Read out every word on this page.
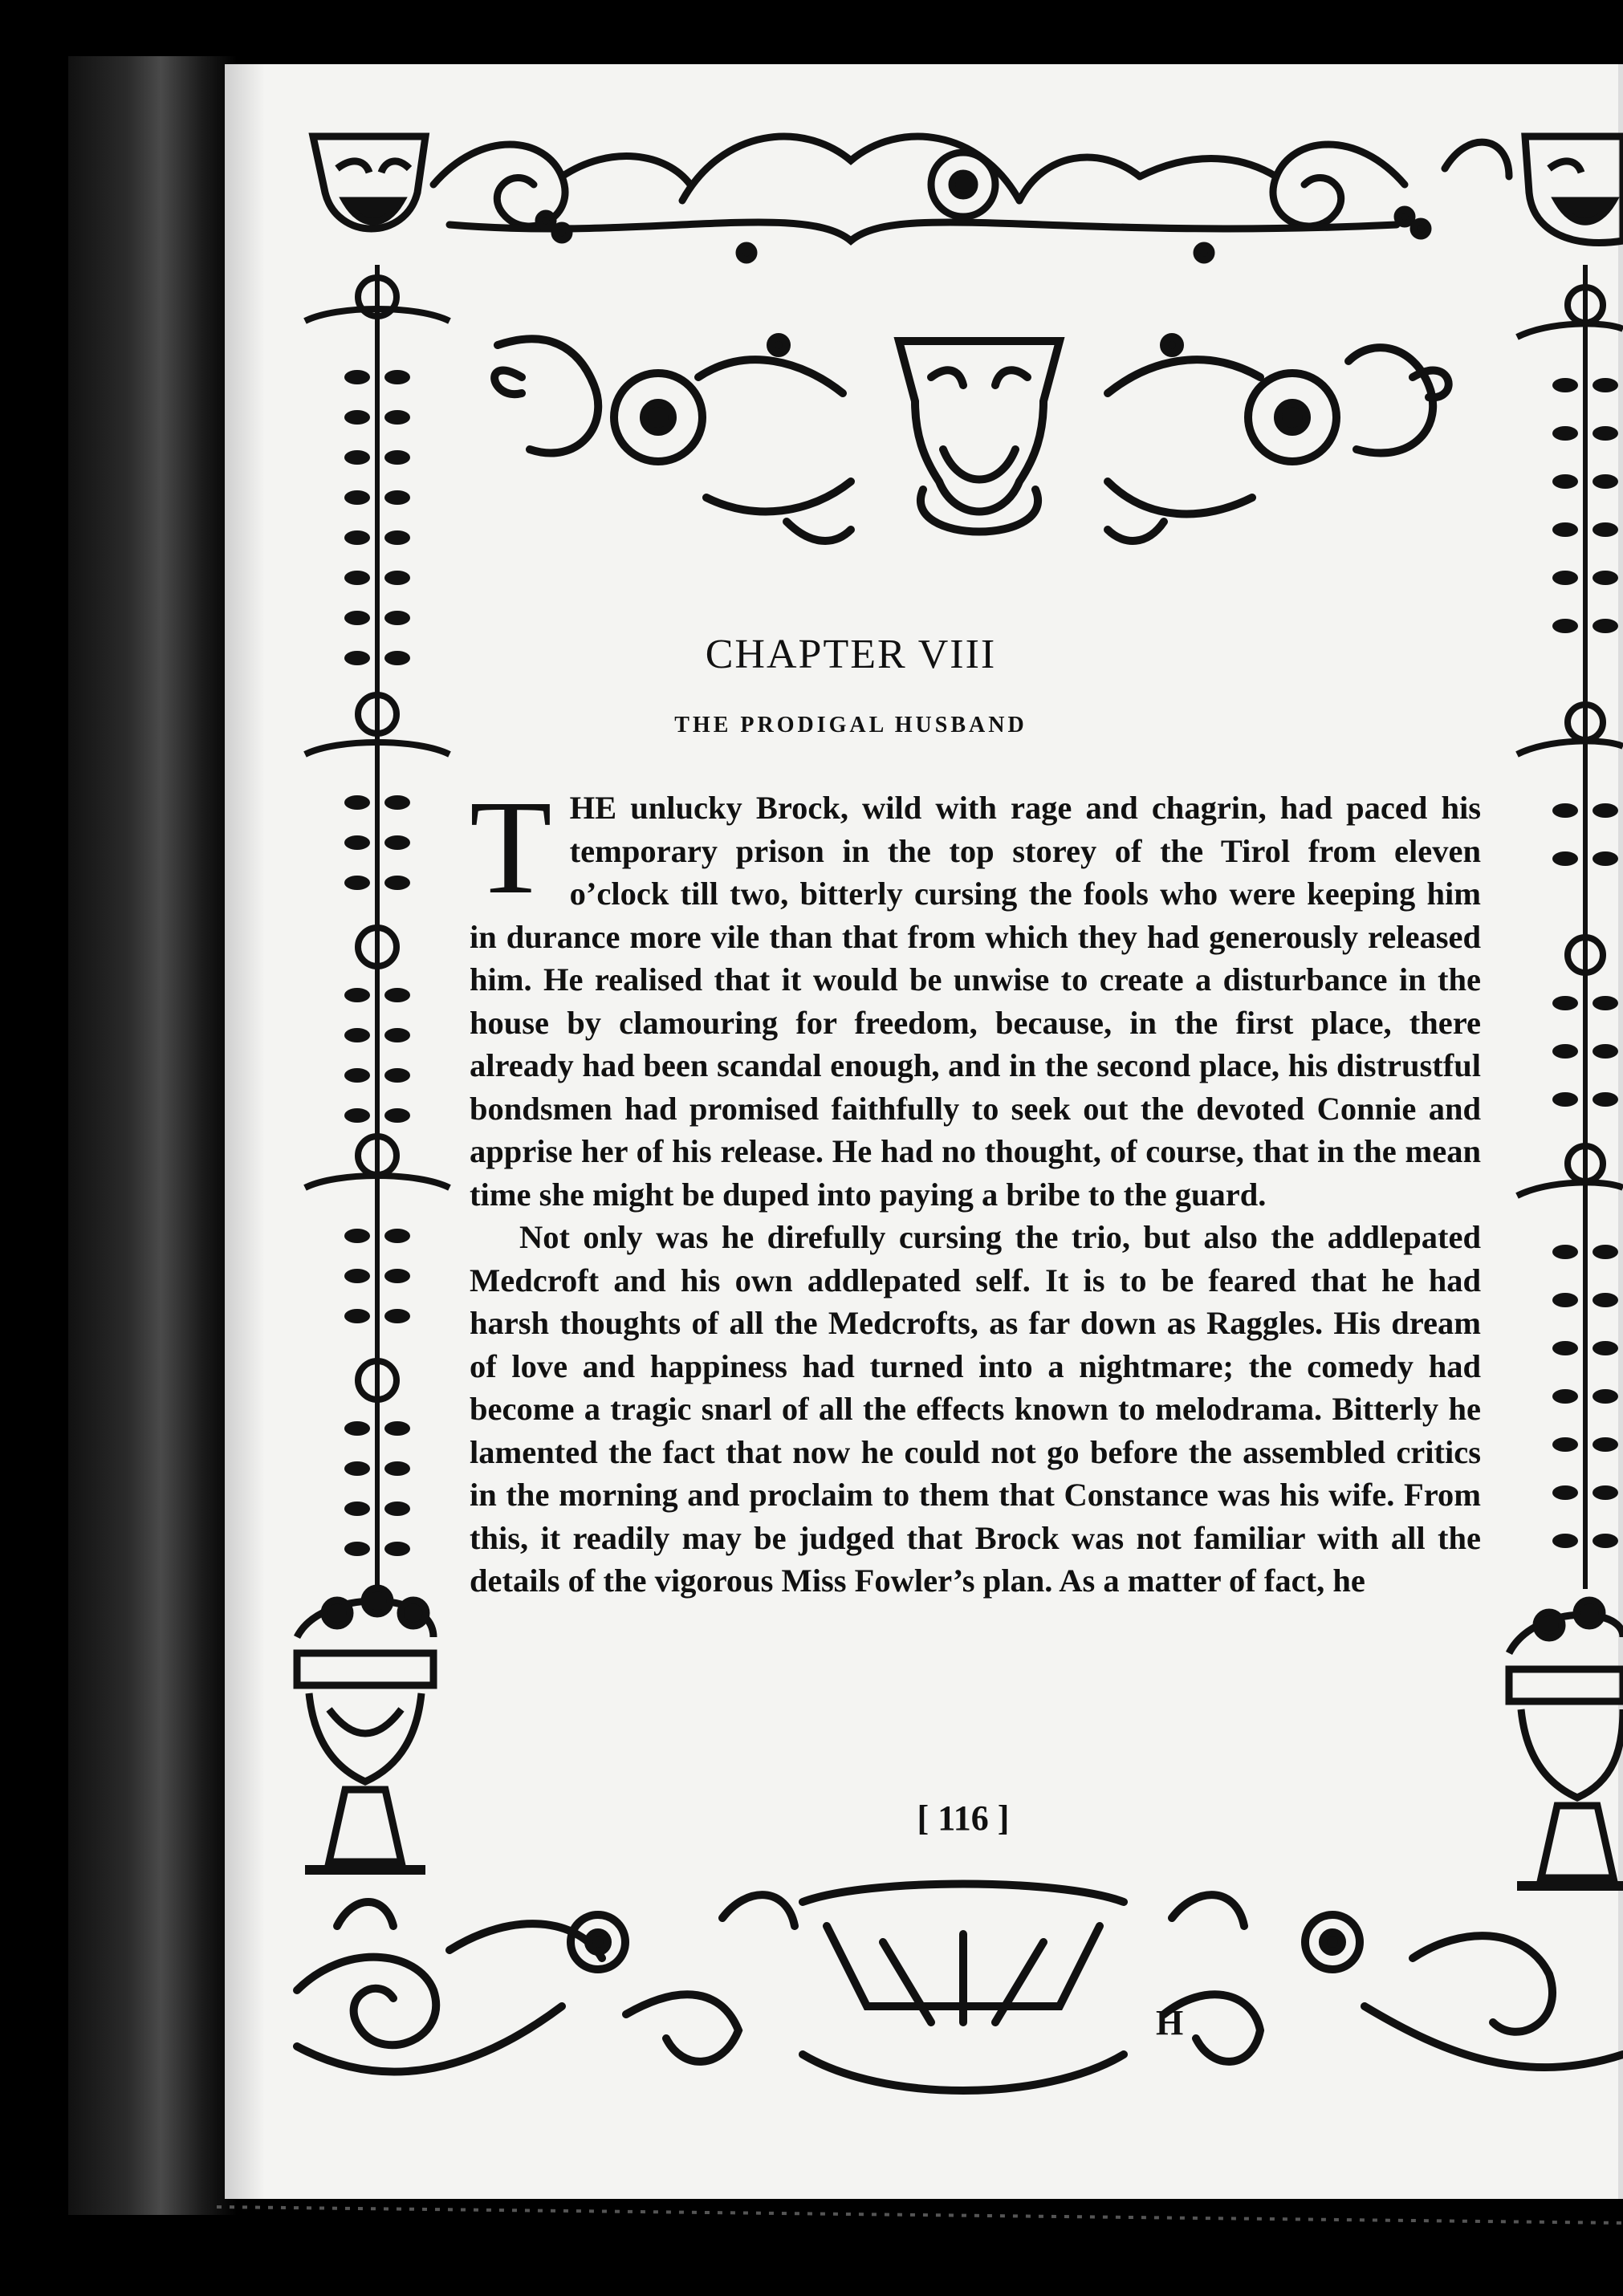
H
CHAPTER VIII
THE PRODIGAL HUSBAND

THE unlucky Brock, wild with rage and chagrin, had paced his temporary prison in the top storey of the Tirol from eleven o’clock till two, bitterly cursing the fools who were keeping him in durance more vile than that from which they had generously released him. He realised that it would be unwise to create a disturbance in the house by clamouring for freedom, because, in the first place, there already had been scandal enough, and in the second place, his distrustful bondsmen had promised faithfully to seek out the devoted Connie and apprise her of his release. He had no thought, of course, that in the mean time she might be duped into paying a bribe to the guard.

Not only was he direfully cursing the trio, but also the addlepated Medcroft and his own addlepated self. It is to be feared that he had harsh thoughts of all the Medcrofts, as far down as Raggles. His dream of love and happiness had turned into a nightmare; the comedy had become a tragic snarl of all the effects known to melodrama. Bitterly he lamented the fact that now he could not go before the assembled critics in the morning and proclaim to them that Constance was his wife. From this, it readily may be judged that Brock was not familiar with all the details of the vigorous Miss Fowler’s plan. As a matter of fact, he

[ 116 ]
